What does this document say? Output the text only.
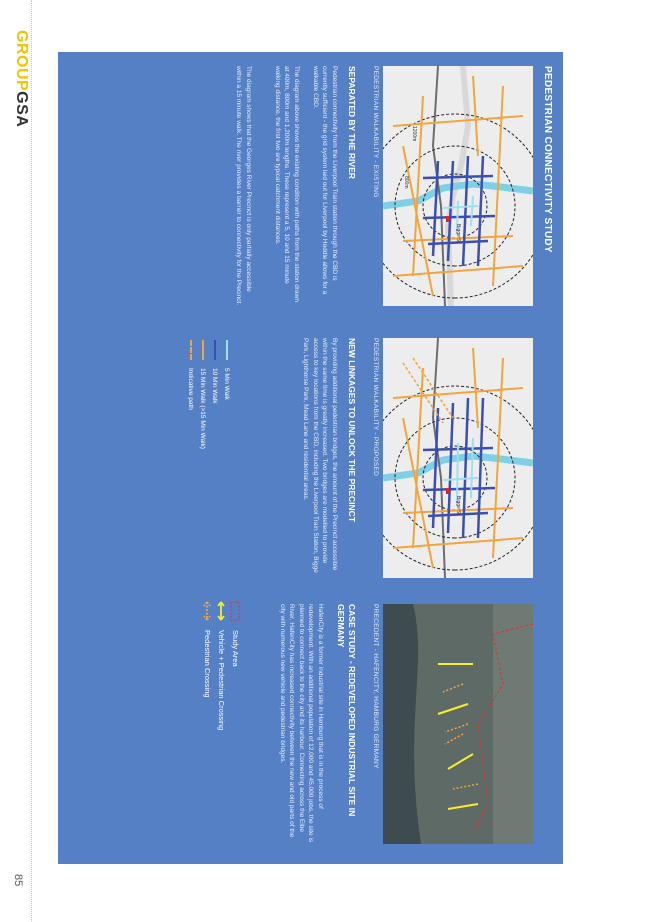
GROUPGSA
85
PEDESTRIAN CONNECTIVITY STUDY
Bigge St
1200m
800m
PEDESTRIAN WALKABILITY - EXISTING
SEPARATED BY THE RIVER

Pedestrian connectivity from the Liverpool Train station through the CBD is currently sufficient - the grid system laid out for Liverpool by Hoddle allows for a walkable CBD.

The diagram above shows the existing condition with paths from the station drawn at 400m, 800m and 1,200m lengths. These represent a 5, 10 and 15 minute walking distance, the first two are typical catchment distances.

The diagram shows that the Georges River Precinct is only partially accessible within a 15 minute walk. The river provides a barrier to connectivity for the Precinct.

Bigge St
PEDESTRIAN WALKABILITY - PROPOSED
NEW LINKAGES TO UNLOCK THE PRECINCT

By providing additional pedestrian bridges, the amount of the Precinct accessible within the same time is greatly increased. Two bridges are modelled to provide access to key locations from the CBD, including the Liverpool Train Station, Bigge Park, Lighthorse Park, Mead Lane and residential areas.

5 Min Walk
10 Min Walk
15 Min Walk (>15 Min Walk)
Indicative path
PRECEDENT - HAFENCITY, HAMBURG GERMANY
CASE STUDY - REDEVELOPED INDUSTRIAL SITE IN GERMANY

HafenCity is a former industrial site in Hamburg that is in the process of redevelopment. With an additional population of 12,000 and 45,000 jobs, the site is planned to connect back to the city and its harbour. Connecting across the Elbe River, HafenCity has increased connectivity between the new and old parts of the city with numerous new vehicle and pedestrian bridges.

Study Area
Vehicle + Pedestrian Crossing
Pedestrian Crossing
